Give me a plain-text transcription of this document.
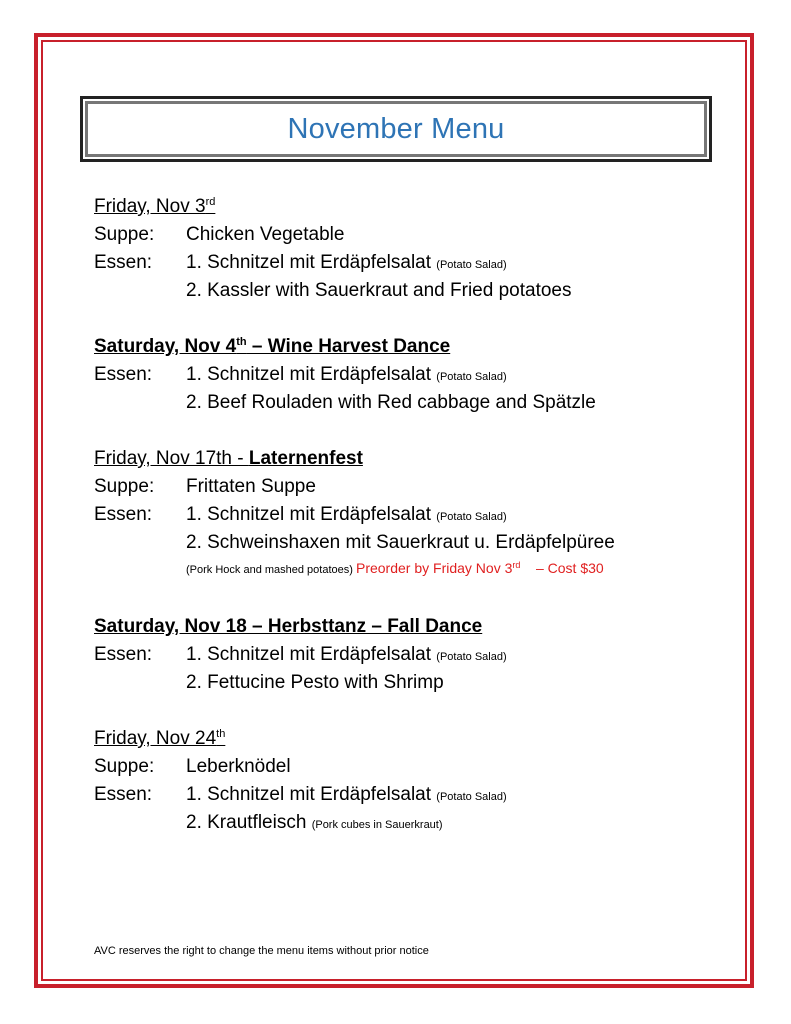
November Menu
Friday, Nov 3rd
Suppe:	Chicken Vegetable
Essen:	1. Schnitzel mit Erdäpfelsalat (Potato Salad)
2. Kassler with Sauerkraut and Fried potatoes
Saturday, Nov 4th – Wine Harvest Dance
Essen:	1. Schnitzel mit Erdäpfelsalat (Potato Salad)
2. Beef Rouladen with Red cabbage and Spätzle
Friday, Nov 17th - Laternenfest
Suppe:	Frittaten Suppe
Essen:	1. Schnitzel mit Erdäpfelsalat (Potato Salad)
2. Schweinshaxen mit Sauerkraut u. Erdäpfelpüree
(Pork Hock and mashed potatoes) Preorder by Friday Nov 3rd – Cost $30
Saturday, Nov 18 – Herbsttanz – Fall Dance
Essen:	1. Schnitzel mit Erdäpfelsalat (Potato Salad)
2. Fettucine Pesto with Shrimp
Friday, Nov 24th
Suppe:	Leberknödel
Essen:	1. Schnitzel mit Erdäpfelsalat (Potato Salad)
2. Krautfleisch (Pork cubes in Sauerkraut)
AVC reserves the right to change the menu items without prior notice
